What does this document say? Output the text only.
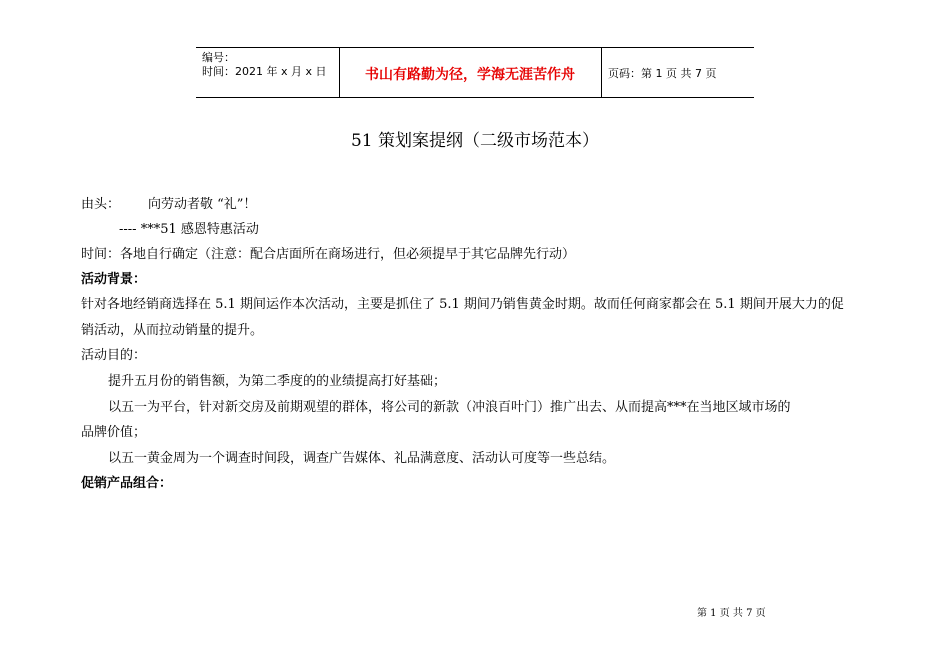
编号：
时间：2021 年 x 月 x 日	书山有路勤为径，学海无涯苦作舟	页码：第 1 页 共 7 页
51 策划案提纲（二级市场范本）
由头： 向劳动者敬 “礼”！
---- ***51 感恩特惠活动
时间：各地自行确定（注意：配合店面所在商场进行，但必须提早于其它品牌先行动）
活动背景：
针对各地经销商选择在 5.1 期间运作本次活动，主要是抓住了 5.1 期间乃销售黄金时期。故而任何商家都会在 5.1 期间开展大力的促
销活动，从而拉动销量的提升。
活动目的：
提升五月份的销售额，为第二季度的的业绩提高打好基础；
以五一为平台，针对新交房及前期观望的群体，将公司的新款（冲浪百叶门）推广出去、从而提高***在当地区域市场的
品牌价值；
以五一黄金周为一个调查时间段，调查广告媒体、礼品满意度、活动认可度等一些总结。
促销产品组合：
第 1 页 共 7 页
